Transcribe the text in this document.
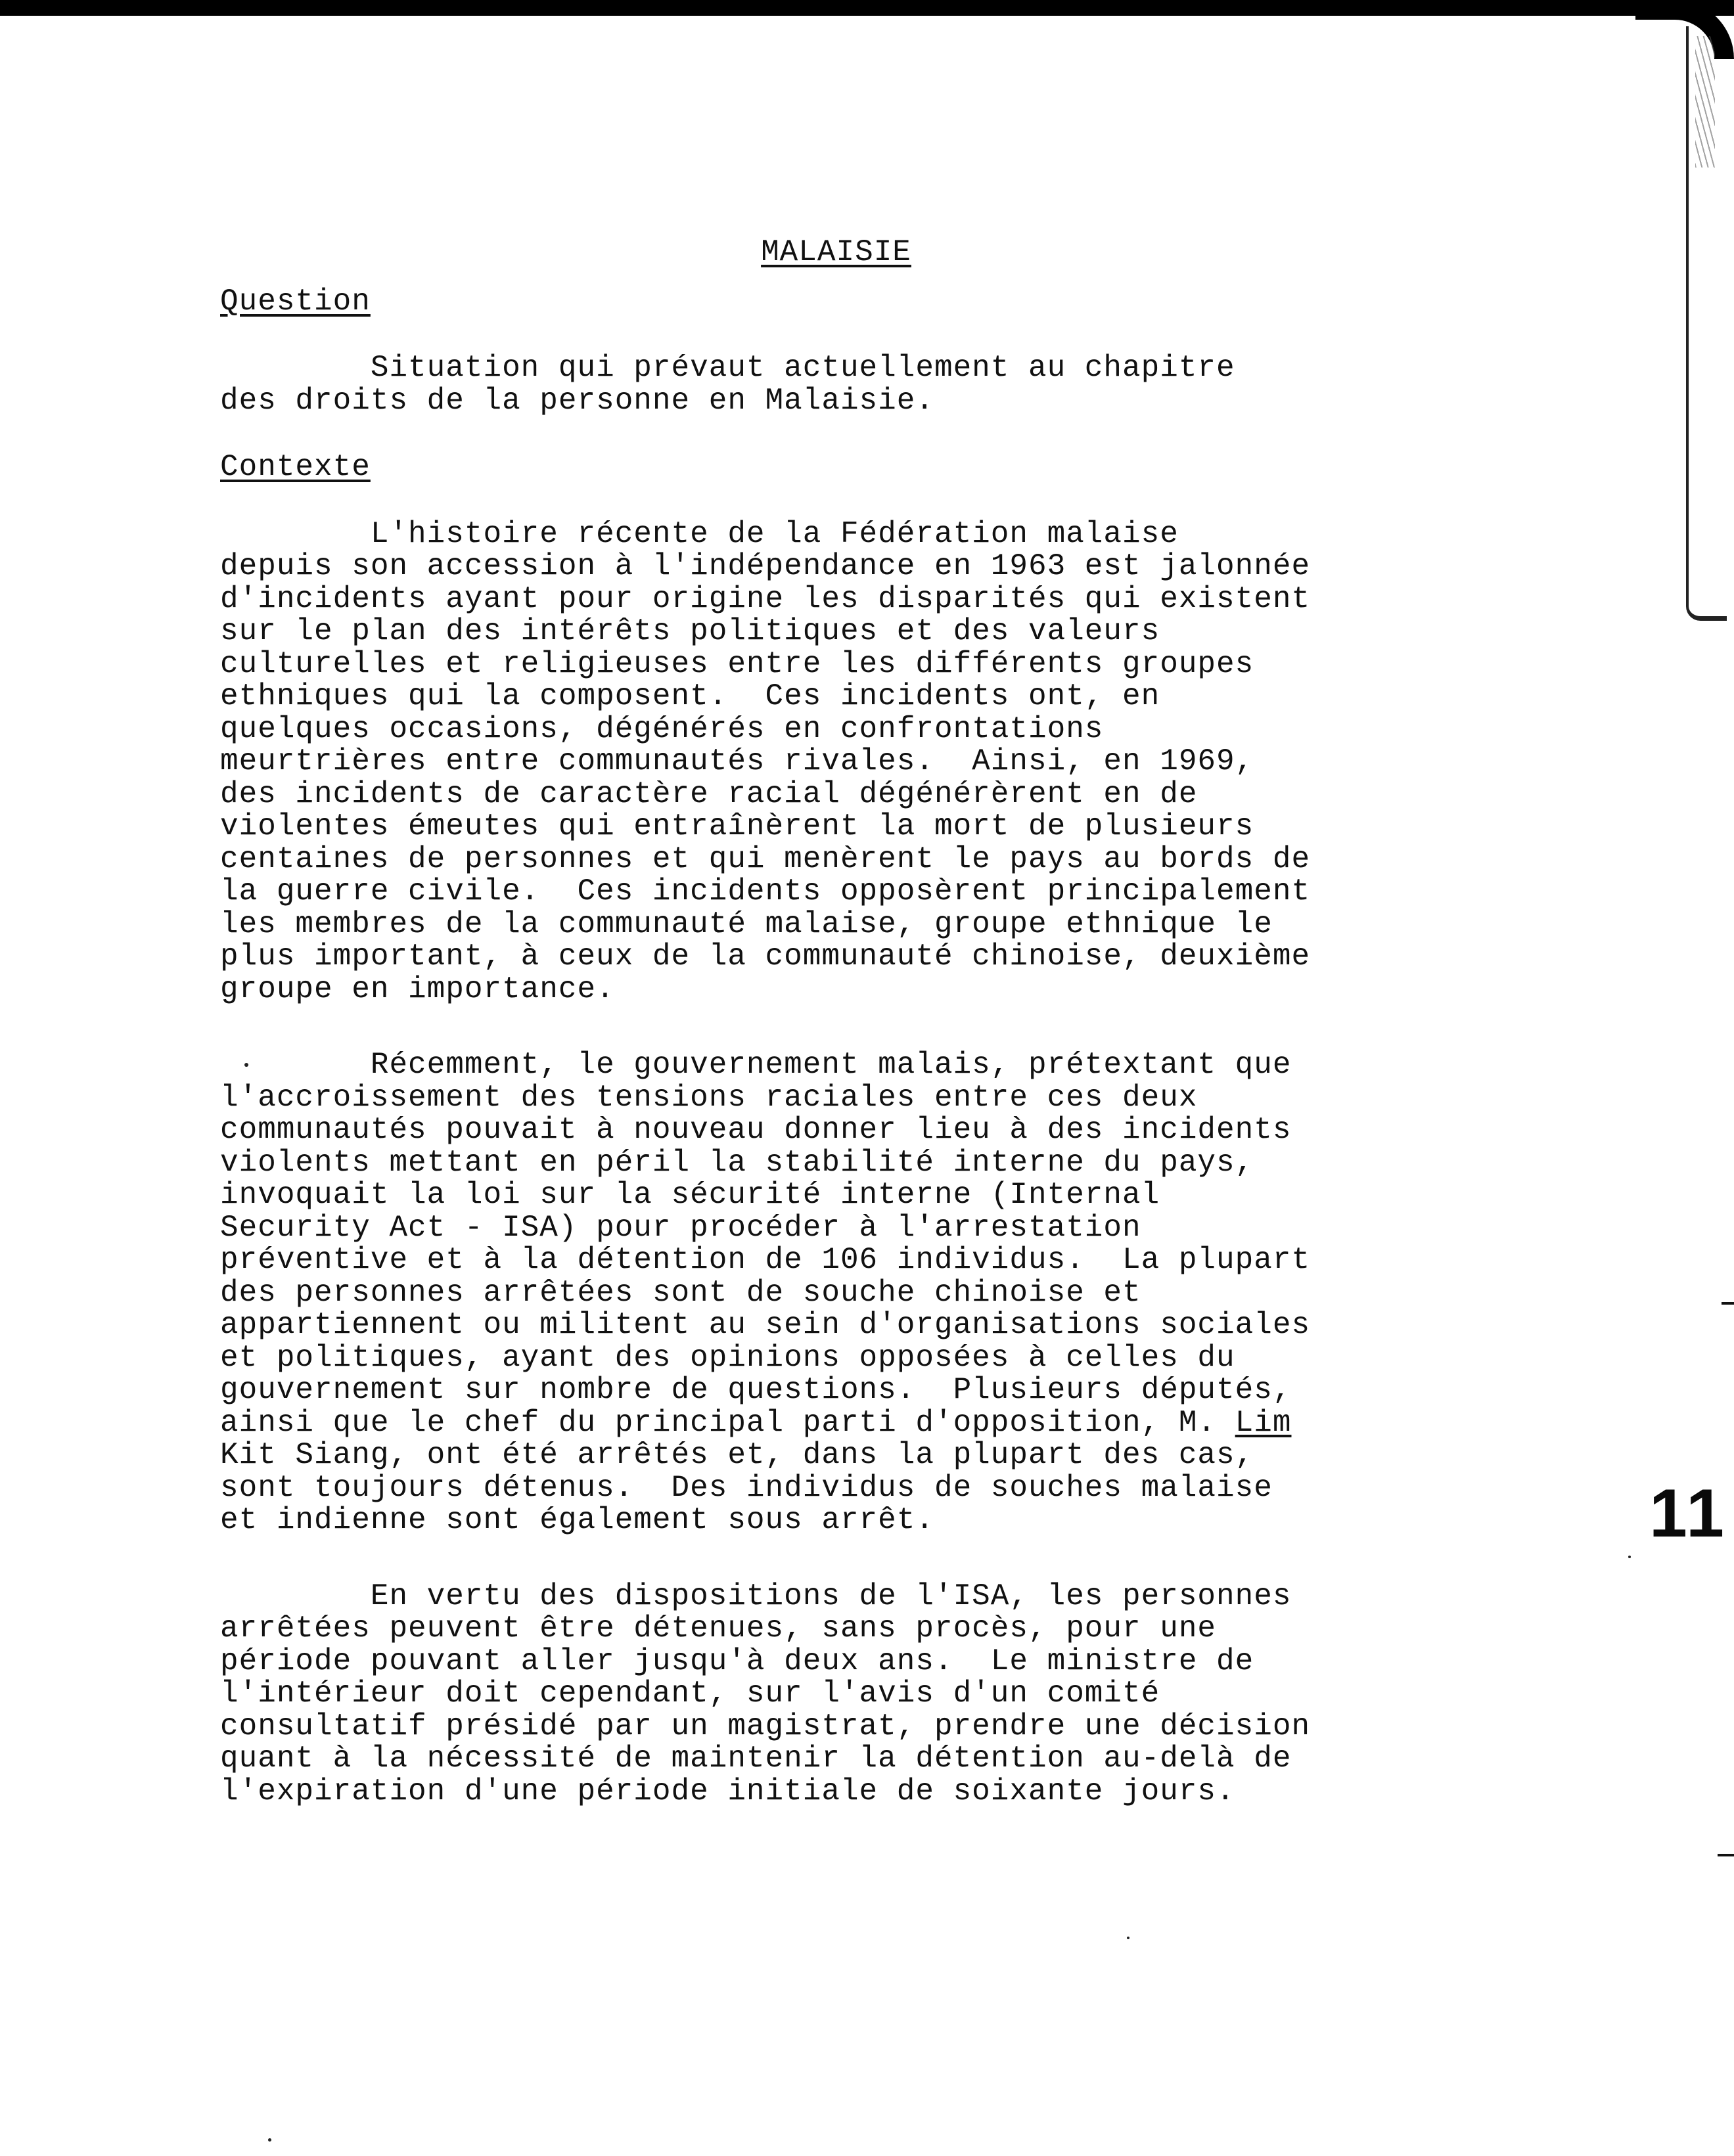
MALAISIE
Question
Situation qui prévaut actuellement au chapitre
des droits de la personne en Malaisie.
Contexte
L'histoire récente de la Fédération malaise
depuis son accession à l'indépendance en 1963 est jalonnée
d'incidents ayant pour origine les disparités qui existent
sur le plan des intérêts politiques et des valeurs
culturelles et religieuses entre les différents groupes
ethniques qui la composent.  Ces incidents ont, en
quelques occasions, dégénérés en confrontations
meurtrières entre communautés rivales.  Ainsi, en 1969,
des incidents de caractère racial dégénérèrent en de
violentes émeutes qui entraînèrent la mort de plusieurs
centaines de personnes et qui menèrent le pays au bords de
la guerre civile.  Ces incidents opposèrent principalement
les membres de la communauté malaise, groupe ethnique le
plus important, à ceux de la communauté chinoise, deuxième
groupe en importance.
Récemment, le gouvernement malais, prétextant que
l'accroissement des tensions raciales entre ces deux
communautés pouvait à nouveau donner lieu à des incidents
violents mettant en péril la stabilité interne du pays,
invoquait la loi sur la sécurité interne (Internal
Security Act - ISA) pour procéder à l'arrestation
préventive et à la détention de 106 individus.  La plupart
des personnes arrêtées sont de souche chinoise et
appartiennent ou militent au sein d'organisations sociales
et politiques, ayant des opinions opposées à celles du
gouvernement sur nombre de questions.  Plusieurs députés,
ainsi que le chef du principal parti d'opposition, M. Lim
Kit Siang, ont été arrêtés et, dans la plupart des cas,
sont toujours détenus.  Des individus de souches malaise
et indienne sont également sous arrêt.
En vertu des dispositions de l'ISA, les personnes
arrêtées peuvent être détenues, sans procès, pour une
période pouvant aller jusqu'à deux ans.  Le ministre de
l'intérieur doit cependant, sur l'avis d'un comité
consultatif présidé par un magistrat, prendre une décision
quant à la nécessité de maintenir la détention au-delà de
l'expiration d'une période initiale de soixante jours.
11
